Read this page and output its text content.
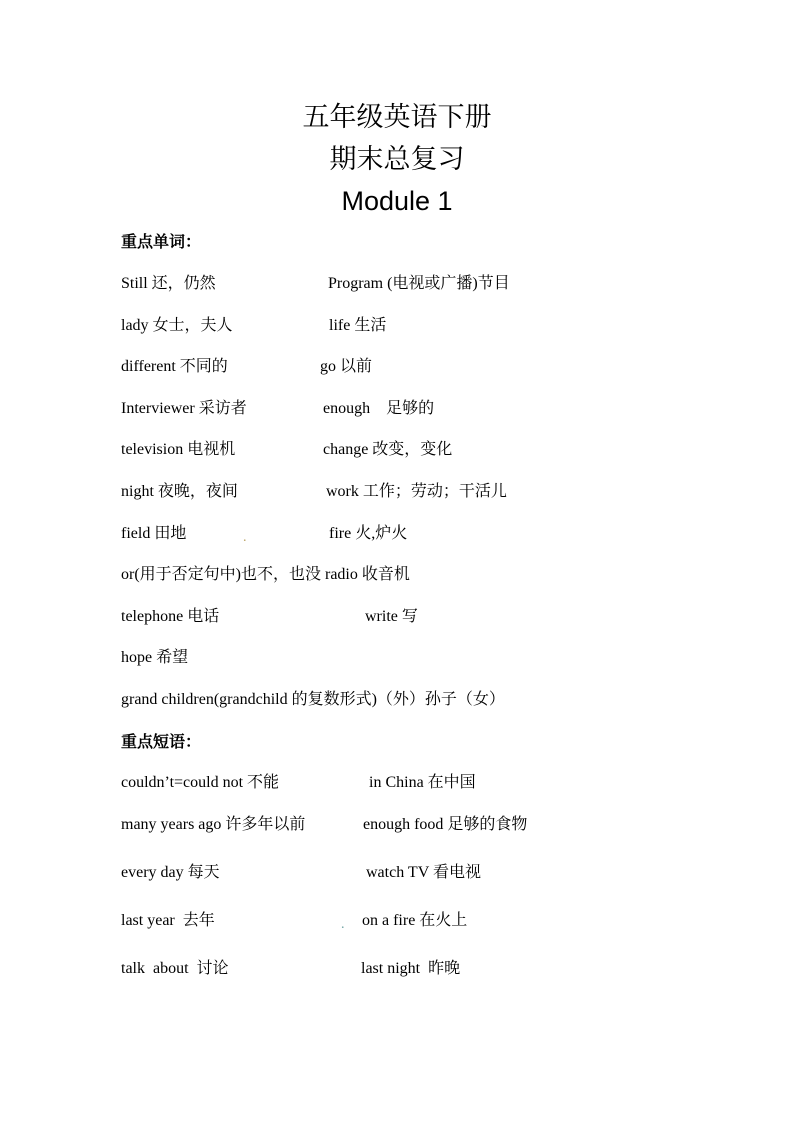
五年级英语下册
期末总复习
Module 1
重点单词：
Still 还，仍然	Program (电视或广播)节目
lady 女士，夫人	life 生活
different 不同的	go 以前
Interviewer 采访者	enough    足够的
television 电视机	change 改变，变化
night 夜晚，夜间	work 工作；劳动；干活儿
field 田地	.	fire 火,炉火
or(用于否定句中)也不，也没 radio 收音机
telephone 电话	write 写
hope 希望
grand children(grandchild 的复数形式)（外）孙子（女）
重点短语：
couldn’t=could not 不能	in China 在中国
many years ago 许多年以前	enough food 足够的食物
every day 每天	watch TV 看电视
last year  去年	. on a fire 在火上
talk  about  讨论	last night  昨晚
